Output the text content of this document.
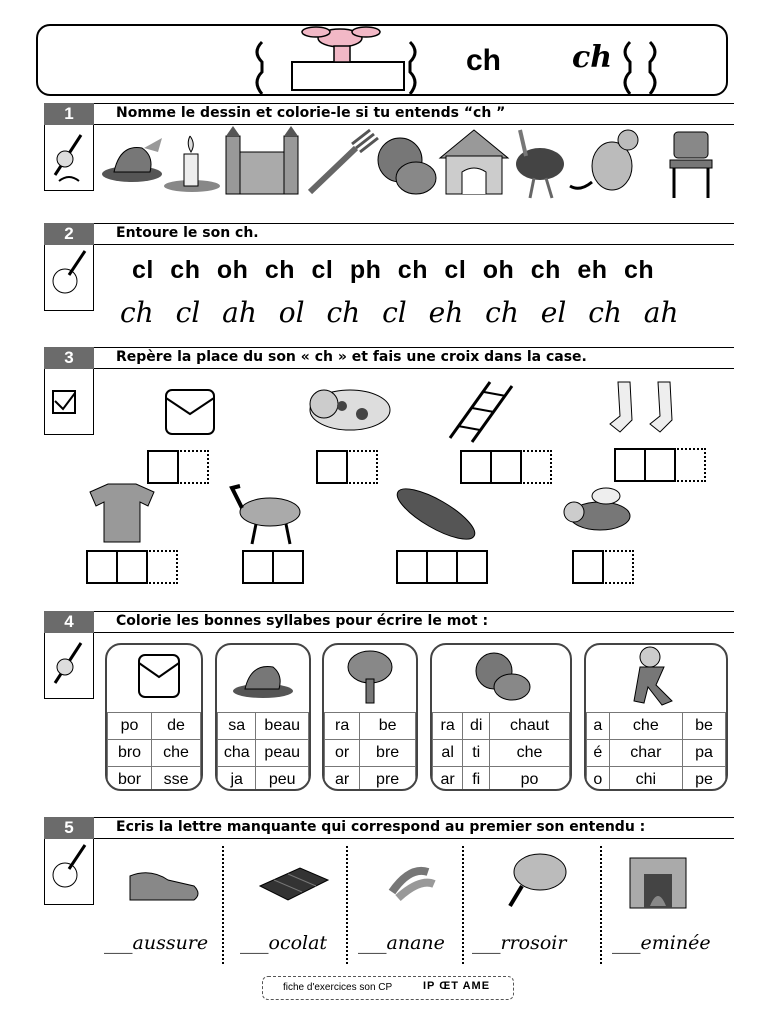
ch ch
1	Nomme le dessin et colorie-le si tu entends “ch ”
2	Entoure le son ch.
cl ch oh ch cl ph ch cl oh ch eh ch
ch cl ah ol ch cl eh ch el ch ah
3	Repère la place du son « ch » et fais une croix dans la case.
4	Colorie les bonnes syllabes pour écrire le mot :
po	de
bro	che
bor	sse
sa	beau
cha	peau
ja	peu
ra	be
or	bre
ar	pre
ra	di	chaut
al	ti	che
ar	fi	po
a	che	be
é	char	pa
o	chi	pe
5	Ecris la lettre manquante qui correspond au premier son entendu :
___aussure ___ocolat ___anane ___rrosoir ___eminée
fiche d'exercices son CP	IP ŒT AME
